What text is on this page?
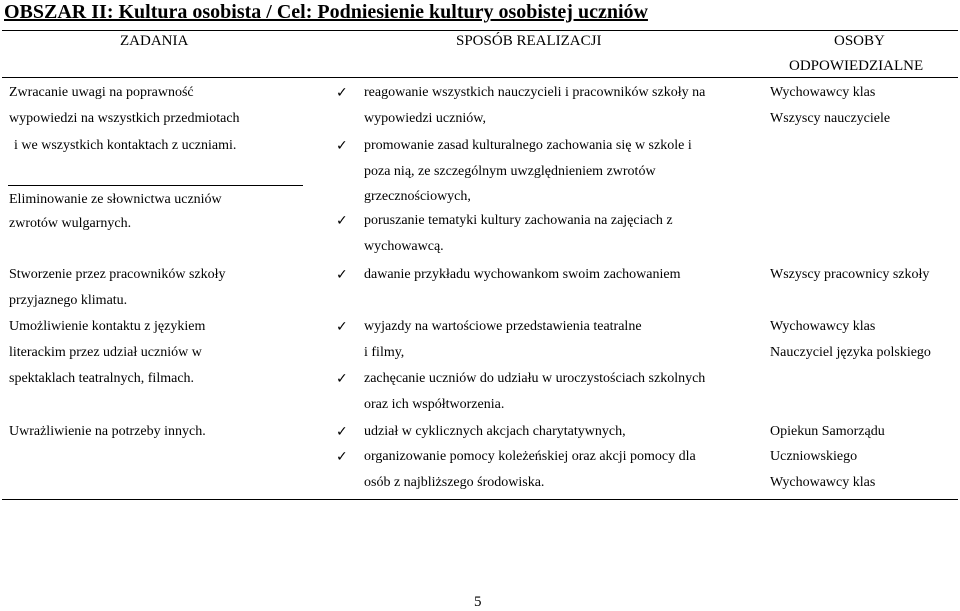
OBSZAR II: Kultura osobista / Cel: Podniesienie kultury osobistej uczniów
ZADANIA	SPOSÓB REALIZACJI	OSOBY
ODPOWIEDZIALNE
Zwracanie uwagi na poprawność
wypowiedzi na wszystkich przedmiotach
i we wszystkich kontaktach z uczniami.
Eliminowanie ze słownictwa uczniów
zwrotów wulgarnych.
Stworzenie przez pracowników szkoły
przyjaznego klimatu.
Umożliwienie kontaktu z językiem
literackim przez udział uczniów w
spektaklach teatralnych, filmach.
Uwrażliwienie na potrzeby innych.
✓
✓
✓
✓
✓
✓
✓
✓
reagowanie wszystkich nauczycieli i pracowników szkoły na
wypowiedzi uczniów,
promowanie zasad kulturalnego zachowania się w szkole i
poza nią, ze szczególnym uwzględnieniem zwrotów
grzecznościowych,
poruszanie tematyki kultury zachowania na zajęciach z
wychowawcą.
dawanie przykładu wychowankom swoim zachowaniem
wyjazdy na wartościowe przedstawienia teatralne
i filmy,
zachęcanie uczniów do udziału w uroczystościach szkolnych
oraz ich współtworzenia.
udział w cyklicznych akcjach charytatywnych,
organizowanie pomocy koleżeńskiej oraz akcji pomocy dla
osób z najbliższego środowiska.
Wychowawcy klas
Wszyscy nauczyciele
Wszyscy pracownicy szkoły
Wychowawcy klas
Nauczyciel języka polskiego
Opiekun Samorządu
Uczniowskiego
Wychowawcy klas
5
